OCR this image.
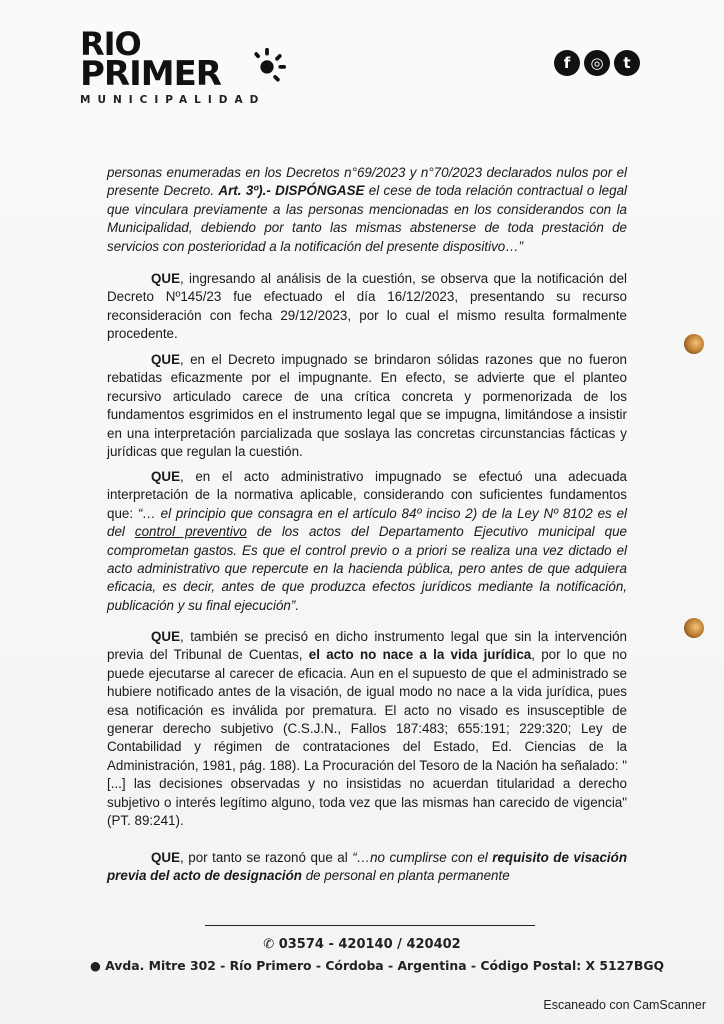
RIO
PRIMER
MUNICIPALIDAD
f	◎	t

personas enumeradas en los Decretos n°69/2023 y n°70/2023 declarados nulos por el presente Decreto. Art. 3º).- DISPÓNGASE el cese de toda relación contractual o legal que vinculara previamente a las personas mencionadas en los considerandos con la Municipalidad, debiendo por tanto las mismas abstenerse de toda prestación de servicios con posterioridad a la notificación del presente dispositivo…”

QUE, ingresando al análisis de la cuestión, se observa que la notificación del Decreto Nº145/23 fue efectuado el día 16/12/2023, presentando su recurso reconsideración con fecha 29/12/2023, por lo cual el mismo resulta formalmente procedente.

QUE, en el Decreto impugnado se brindaron sólidas razones que no fueron rebatidas eficazmente por el impugnante. En efecto, se advierte que el planteo recursivo articulado carece de una crítica concreta y pormenorizada de los fundamentos esgrimidos en el instrumento legal que se impugna, limitándose a insistir en una interpretación parcializada que soslaya las concretas circunstancias fácticas y jurídicas que regulan la cuestión.

QUE, en el acto administrativo impugnado se efectuó una adecuada interpretación de la normativa aplicable, considerando con suficientes fundamentos que: “… el principio que consagra en el artículo 84º inciso 2) de la Ley Nº 8102 es el del control preventivo de los actos del Departamento Ejecutivo municipal que comprometan gastos. Es que el control previo o a priori se realiza una vez dictado el acto administrativo que repercute en la hacienda pública, pero antes de que adquiera eficacia, es decir, antes de que produzca efectos jurídicos mediante la notificación, publicación y su final ejecución”.

QUE, también se precisó en dicho instrumento legal que sin la intervención previa del Tribunal de Cuentas, el acto no nace a la vida jurídica, por lo que no puede ejecutarse al carecer de eficacia. Aun en el supuesto de que el administrado se hubiere notificado antes de la visación, de igual modo no nace a la vida jurídica, pues esa notificación es inválida por prematura. El acto no visado es insusceptible de generar derecho subjetivo (C.S.J.N., Fallos 187:483; 655:191; 229:320; Ley de Contabilidad y régimen de contrataciones del Estado, Ed. Ciencias de la Administración, 1981, pág. 188). La Procuración del Tesoro de la Nación ha señalado: "[...] las decisiones observadas y no insistidas no acuerdan titularidad a derecho subjetivo o interés legítimo alguno, toda vez que las mismas han carecido de vigencia" (PT. 89:241).

QUE, por tanto se razonó que al “…no cumplirse con el requisito de visación previa del acto de designación de personal en planta permanente

✆ 03574 - 420140 / 420402
● Avda. Mitre 302 - Río Primero - Córdoba - Argentina - Código Postal: X 5127BGQ
Escaneado con CamScanner
